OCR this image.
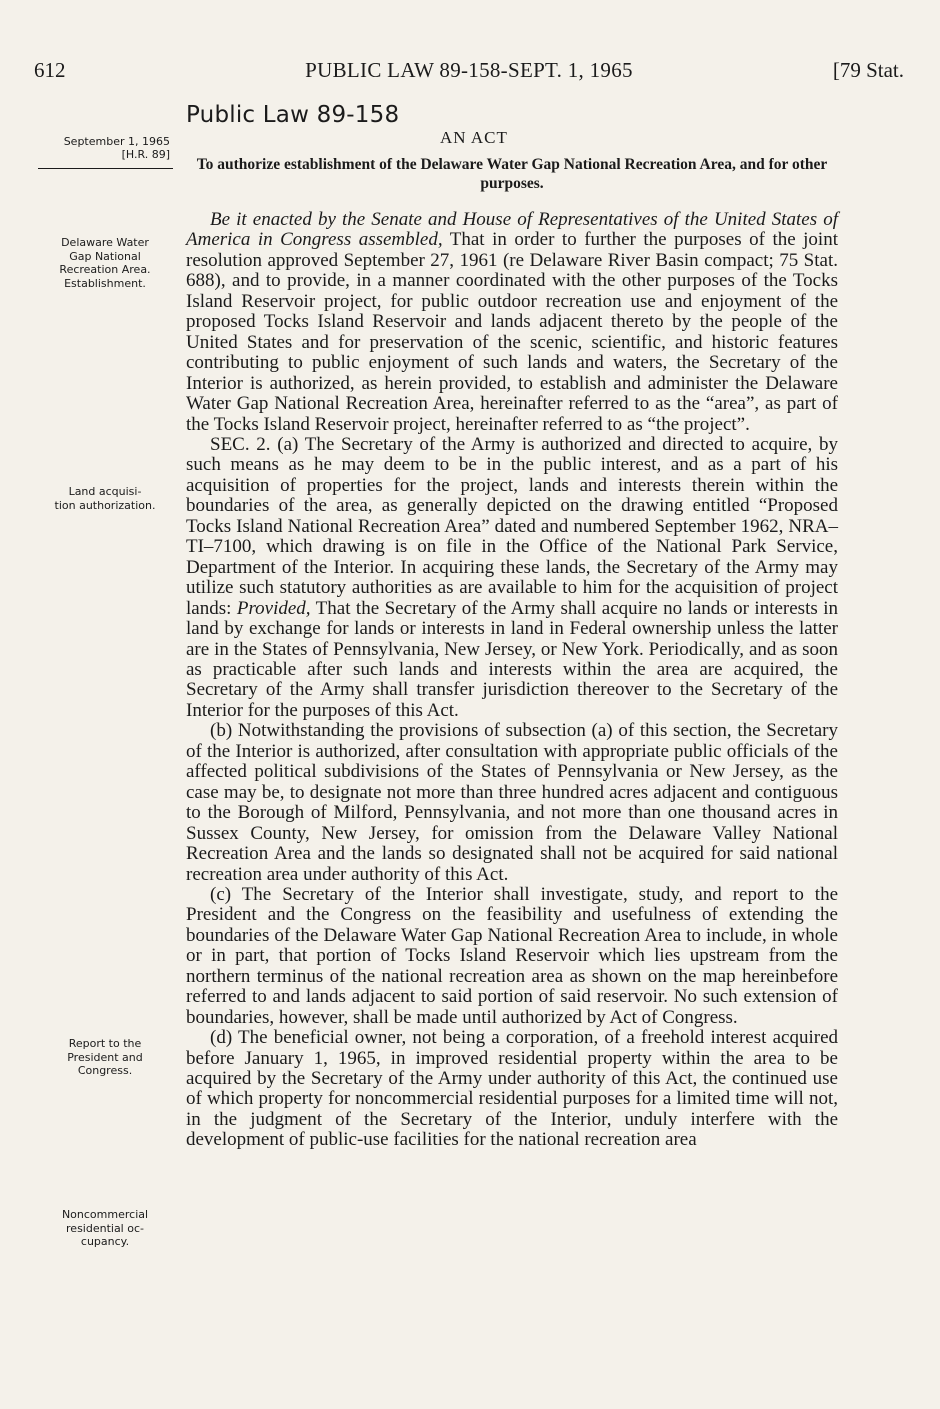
612	PUBLIC LAW 89-158-SEPT. 1, 1965	[79 Stat.
Public Law 89-158
AN ACT
September 1, 1965
[H.R. 89]
To authorize establishment of the Delaware Water Gap National Recreation Area, and for other purposes.
Delaware Water
Gap National
Recreation Area.
Establishment.
Land acquisi-
tion authorization.
Report to the
President and
Congress.
Noncommercial
residential oc-
cupancy.

Be it enacted by the Senate and House of Representatives of the United States of America in Congress assembled, That in order to further the purposes of the joint resolution approved September 27, 1961 (re Delaware River Basin compact; 75 Stat. 688), and to provide, in a manner coordinated with the other purposes of the Tocks Island Reservoir project, for public outdoor recreation use and enjoyment of the proposed Tocks Island Reservoir and lands adjacent thereto by the people of the United States and for preservation of the scenic, scientific, and historic features contributing to public enjoyment of such lands and waters, the Secretary of the Interior is authorized, as herein provided, to establish and administer the Delaware Water Gap National Recreation Area, hereinafter referred to as the “area”, as part of the Tocks Island Reservoir project, hereinafter referred to as “the project”.

SEC. 2. (a) The Secretary of the Army is authorized and directed to acquire, by such means as he may deem to be in the public interest, and as a part of his acquisition of properties for the project, lands and interests therein within the boundaries of the area, as generally depicted on the drawing entitled “Proposed Tocks Island National Recreation Area” dated and numbered September 1962, NRA–TI–7100, which drawing is on file in the Office of the National Park Service, Department of the Interior. In acquiring these lands, the Secretary of the Army may utilize such statutory authorities as are available to him for the acquisition of project lands: Provided, That the Secretary of the Army shall acquire no lands or interests in land by exchange for lands or interests in land in Federal ownership unless the latter are in the States of Pennsylvania, New Jersey, or New York. Periodically, and as soon as practicable after such lands and interests within the area are acquired, the Secretary of the Army shall transfer jurisdiction thereover to the Secretary of the Interior for the purposes of this Act.

(b) Notwithstanding the provisions of subsection (a) of this section, the Secretary of the Interior is authorized, after consultation with appropriate public officials of the affected political subdivisions of the States of Pennsylvania or New Jersey, as the case may be, to designate not more than three hundred acres adjacent and contiguous to the Borough of Milford, Pennsylvania, and not more than one thousand acres in Sussex County, New Jersey, for omission from the Delaware Valley National Recreation Area and the lands so designated shall not be acquired for said national recreation area under authority of this Act.

(c) The Secretary of the Interior shall investigate, study, and report to the President and the Congress on the feasibility and usefulness of extending the boundaries of the Delaware Water Gap National Recreation Area to include, in whole or in part, that portion of Tocks Island Reservoir which lies upstream from the northern terminus of the national recreation area as shown on the map hereinbefore referred to and lands adjacent to said portion of said reservoir. No such extension of boundaries, however, shall be made until authorized by Act of Congress.

(d) The beneficial owner, not being a corporation, of a freehold interest acquired before January 1, 1965, in improved residential property within the area to be acquired by the Secretary of the Army under authority of this Act, the continued use of which property for noncommercial residential purposes for a limited time will not, in the judgment of the Secretary of the Interior, unduly interfere with the development of public-use facilities for the national recreation area
